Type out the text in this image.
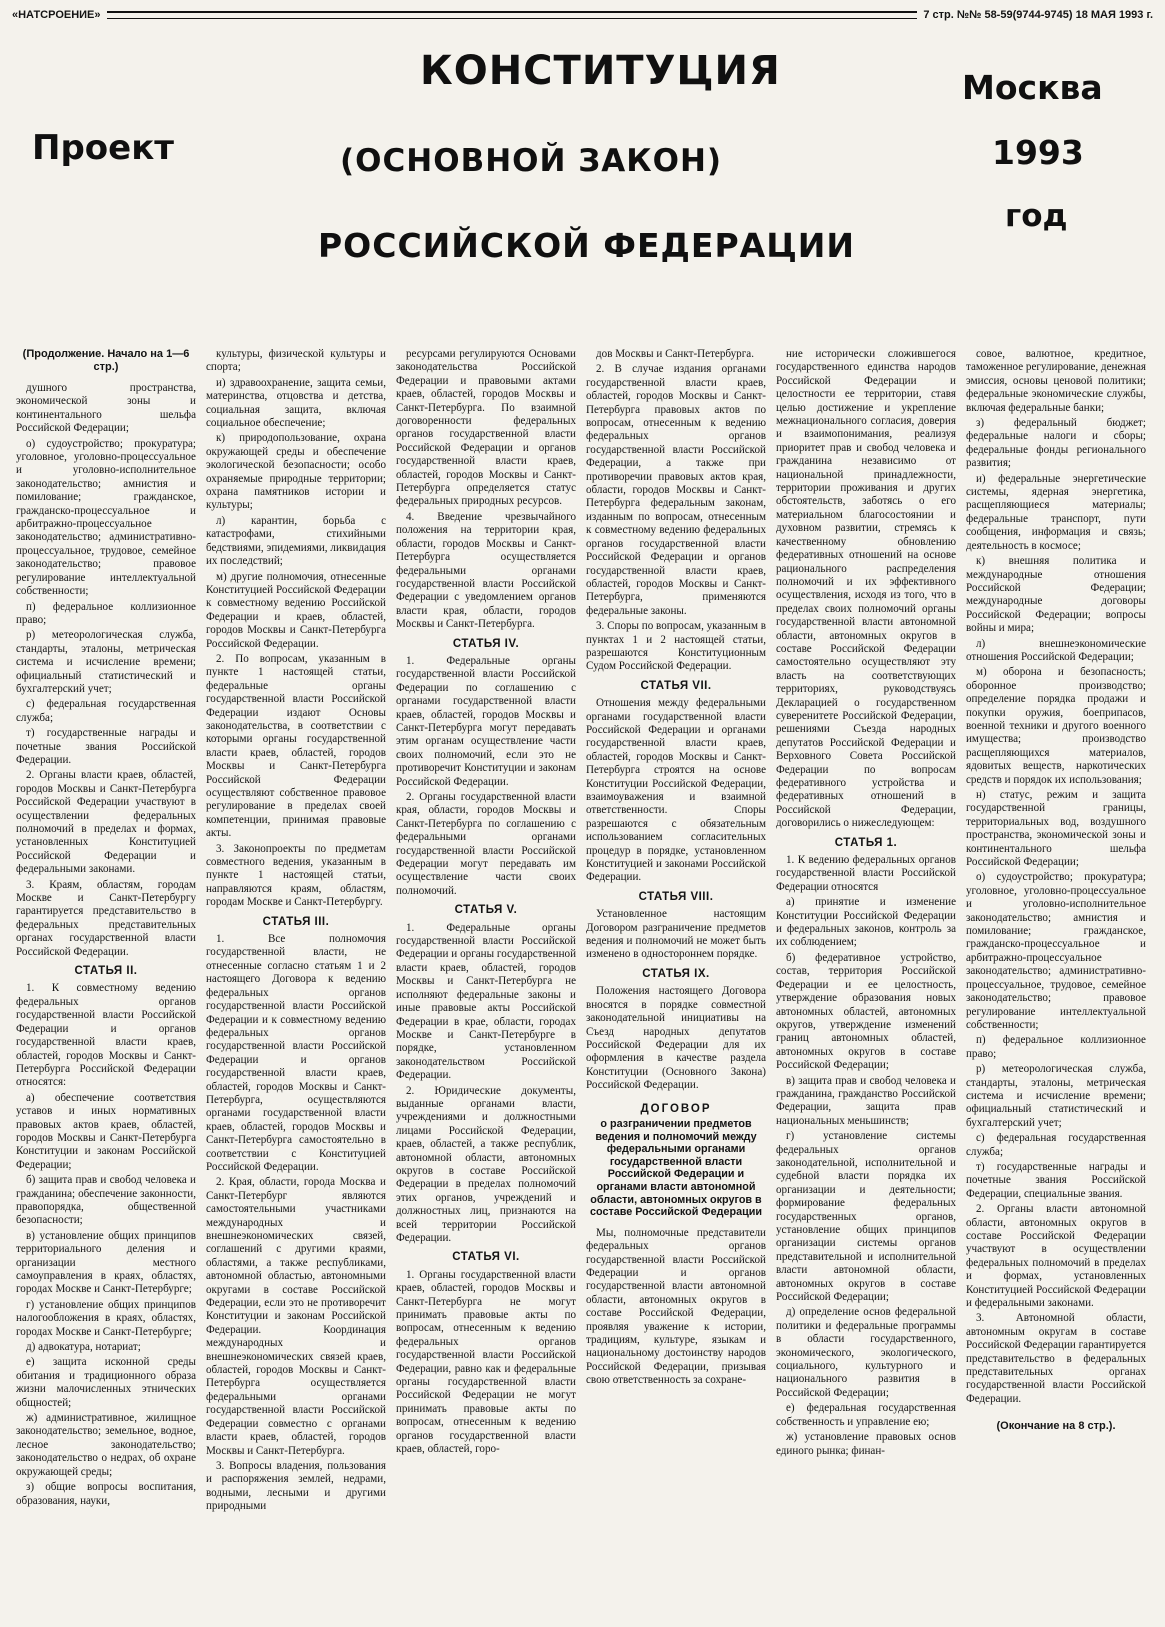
«НАТСРОЕНИЕ»	7 стр. №№ 58-59(9744-9745) 18 МАЯ 1993 г.
КОНСТИТУЦИЯ
(ОСНОВНОЙ ЗАКОН)
РОССИЙСКОЙ ФЕДЕРАЦИИ
Проект
Москва
1993
год
(Продолжение. Начало на 1—6 стр.)

душного пространства, экономической зоны и континентального шельфа Российской Федерации;

о) судоустройство; прокуратура; уголовное, уголовно-процессуальное и уголовно-исполнительное законодательство; амнистия и помилование; гражданское, гражданско-процессуальное и арбитражно-процессуальное законодательство; административно-процессуальное, трудовое, семейное законодательство; правовое регулирование интеллектуальной собственности;

п) федеральное коллизионное право;

р) метеорологическая служба, стандарты, эталоны, метрическая система и исчисление времени; официальный статистический и бухгалтерский учет;

с) федеральная государственная служба;

т) государственные награды и почетные звания Российской Федерации.

2. Органы власти краев, областей, городов Москвы и Санкт-Петербурга Российской Федерации участвуют в осуществлении федеральных полномочий в пределах и формах, установленных Конституцией Российской Федерации и федеральными законами.

3. Краям, областям, городам Москве и Санкт-Петербургу гарантируется представительство в федеральных представительных органах государственной власти Российской Федерации.

СТАТЬЯ II.

1. К совместному ведению федеральных органов государственной власти Российской Федерации и органов государственной власти краев, областей, городов Москвы и Санкт-Петербурга Российской Федерации относятся:

а) обеспечение соответствия уставов и иных нормативных правовых актов краев, областей, городов Москвы и Санкт-Петербурга Конституции и законам Российской Федерации;

б) защита прав и свобод человека и гражданина; обеспечение законности, правопорядка, общественной безопасности;

в) установление общих принципов территориального деления и организации местного самоуправления в краях, областях, городах Москве и Санкт-Петербурге;

г) установление общих принципов налогообложения в краях, областях, городах Москве и Санкт-Петербурге;

д) адвокатура, нотариат;

е) защита исконной среды обитания и традиционного образа жизни малочисленных этнических общностей;

ж) административное, жилищное законодательство; земельное, водное, лесное законодательство; законодательство о недрах, об охране окружающей среды;

з) общие вопросы воспитания, образования, науки,

культуры, физической культуры и спорта;

и) здравоохранение, защита семьи, материнства, отцовства и детства, социальная защита, включая социальное обеспечение;

к) природопользование, охрана окружающей среды и обеспечение экологической безопасности; особо охраняемые природные территории; охрана памятников истории и культуры;

л) карантин, борьба с катастрофами, стихийными бедствиями, эпидемиями, ликвидация их последствий;

м) другие полномочия, отнесенные Конституцией Российской Федерации к совместному ведению Российской Федерации и краев, областей, городов Москвы и Санкт-Петербурга Российской Федерации.

2. По вопросам, указанным в пункте 1 настоящей статьи, федеральные органы государственной власти Российской Федерации издают Основы законодательства, в соответствии с которыми органы государственной власти краев, областей, городов Москвы и Санкт-Петербурга Российской Федерации осуществляют собственное правовое регулирование в пределах своей компетенции, принимая правовые акты.

3. Законопроекты по предметам совместного ведения, указанным в пункте 1 настоящей статьи, направляются краям, областям, городам Москве и Санкт-Петербургу.

СТАТЬЯ III.

1. Все полномочия государственной власти, не отнесенные согласно статьям 1 и 2 настоящего Договора к ведению федеральных органов государственной власти Российской Федерации и к совместному ведению федеральных органов государственной власти Российской Федерации и органов государственной власти краев, областей, городов Москвы и Санкт-Петербурга, осуществляются органами государственной власти краев, областей, городов Москвы и Санкт-Петербурга самостоятельно в соответствии с Конституцией Российской Федерации.

2. Края, области, города Москва и Санкт-Петербург являются самостоятельными участниками международных и внешнеэкономических связей, соглашений с другими краями, областями, а также республиками, автономной областью, автономными округами в составе Российской Федерации, если это не противоречит Конституции и законам Российской Федерации. Координация международных и внешнеэкономических связей краев, областей, городов Москвы и Санкт-Петербурга осуществляется федеральными органами государственной власти Российской Федерации совместно с органами власти краев, областей, городов Москвы и Санкт-Петербурга.

3. Вопросы владения, пользования и распоряжения землей, недрами, водными, лесными и другими природными

ресурсами регулируются Основами законодательства Российской Федерации и правовыми актами краев, областей, городов Москвы и Санкт-Петербурга. По взаимной договоренности федеральных органов государственной власти Российской Федерации и органов государственной власти краев, областей, городов Москвы и Санкт-Петербурга определяется статус федеральных природных ресурсов.

4. Введение чрезвычайного положения на территории края, области, городов Москвы и Санкт-Петербурга осуществляется федеральными органами государственной власти Российской Федерации с уведомлением органов власти края, области, городов Москвы и Санкт-Петербурга.

СТАТЬЯ IV.

1. Федеральные органы государственной власти Российской Федерации по соглашению с органами государственной власти краев, областей, городов Москвы и Санкт-Петербурга могут передавать этим органам осуществление части своих полномочий, если это не противоречит Конституции и законам Российской Федерации.

2. Органы государственной власти края, области, городов Москвы и Санкт-Петербурга по соглашению с федеральными органами государственной власти Российской Федерации могут передавать им осуществление части своих полномочий.

СТАТЬЯ V.

1. Федеральные органы государственной власти Российской Федерации и органы государственной власти краев, областей, городов Москвы и Санкт-Петербурга не исполняют федеральные законы и иные правовые акты Российской Федерации в крае, области, городах Москве и Санкт-Петербурге в порядке, установленном законодательством Российской Федерации.

2. Юридические документы, выданные органами власти, учреждениями и должностными лицами Российской Федерации, краев, областей, а также республик, автономной области, автономных округов в составе Российской Федерации в пределах полномочий этих органов, учреждений и должностных лиц, признаются на всей территории Российской Федерации.

СТАТЬЯ VI.

1. Органы государственной власти краев, областей, городов Москвы и Санкт-Петербурга не могут принимать правовые акты по вопросам, отнесенным к ведению федеральных органов государственной власти Российской Федерации, равно как и федеральные органы государственной власти Российской Федерации не могут принимать правовые акты по вопросам, отнесенным к ведению органов государственной власти краев, областей, горо-

дов Москвы и Санкт-Петербурга.

2. В случае издания органами государственной власти краев, областей, городов Москвы и Санкт-Петербурга правовых актов по вопросам, отнесенным к ведению федеральных органов государственной власти Российской Федерации, а также при противоречии правовых актов края, области, городов Москвы и Санкт-Петербурга федеральным законам, изданным по вопросам, отнесенным к совместному ведению федеральных органов государственной власти Российской Федерации и органов государственной власти краев, областей, городов Москвы и Санкт-Петербурга, применяются федеральные законы.

3. Споры по вопросам, указанным в пунктах 1 и 2 настоящей статьи, разрешаются Конституционным Судом Российской Федерации.

СТАТЬЯ VII.

Отношения между федеральными органами государственной власти Российской Федерации и органами государственной власти краев, областей, городов Москвы и Санкт-Петербурга строятся на основе Конституции Российской Федерации, взаимоуважения и взаимной ответственности. Споры разрешаются с обязательным использованием согласительных процедур в порядке, установленном Конституцией и законами Российской Федерации.

СТАТЬЯ VIII.

Установленное настоящим Договором разграничение предметов ведения и полномочий не может быть изменено в одностороннем порядке.

СТАТЬЯ IX.

Положения настоящего Договора вносятся в порядке совместной законодательной инициативы на Съезд народных депутатов Российской Федерации для их оформления в качестве раздела Конституции (Основного Закона) Российской Федерации.

ДОГОВОР

о разграничении предметов ведения и полномочий между федеральными органами государственной власти Российской Федерации и органами власти автономной области, автономных округов в составе Российской Федерации

Мы, полномочные представители федеральных органов государственной власти Российской Федерации и органов государственной власти автономной области, автономных округов в составе Российской Федерации, проявляя уважение к истории, традициям, культуре, языкам и национальному достоинству народов Российской Федерации, призывая свою ответственность за сохране-

ние исторически сложившегося государственного единства народов Российской Федерации и целостности ее территории, ставя целью достижение и укрепление межнационального согласия, доверия и взаимопонимания, реализуя приоритет прав и свобод человека и гражданина независимо от национальной принадлежности, территории проживания и других обстоятельств, заботясь о его материальном благосостоянии и духовном развитии, стремясь к качественному обновлению федеративных отношений на основе рационального распределения полномочий и их эффективного осуществления, исходя из того, что в пределах своих полномочий органы государственной власти автономной области, автономных округов в составе Российской Федерации самостоятельно осуществляют эту власть на соответствующих территориях, руководствуясь Декларацией о государственном суверенитете Российской Федерации, решениями Съезда народных депутатов Российской Федерации и Верховного Совета Российской Федерации по вопросам федеративного устройства и федеративных отношений в Российской Федерации, договорились о нижеследующем:

СТАТЬЯ 1.

1. К ведению федеральных органов государственной власти Российской Федерации относятся

а) принятие и изменение Конституции Российской Федерации и федеральных законов, контроль за их соблюдением;

б) федеративное устройство, состав, территория Российской Федерации и ее целостность, утверждение образования новых автономных областей, автономных округов, утверждение изменений границ автономных областей, автономных округов в составе Российской Федерации;

в) защита прав и свобод человека и гражданина, гражданство Российской Федерации, защита прав национальных меньшинств;

г) установление системы федеральных органов законодательной, исполнительной и судебной власти порядка их организации и деятельности; формирование федеральных государственных органов, установление общих принципов организации системы органов представительной и исполнительной власти автономной области, автономных округов в составе Российской Федерации;

д) определение основ федеральной политики и федеральные программы в области государственного, экономического, экологического, социального, культурного и национального развития в Российской Федерации;

е) федеральная государственная собственность и управление ею;

ж) установление правовых основ единого рынка; финан-

совое, валютное, кредитное, таможенное регулирование, денежная эмиссия, основы ценовой политики; федеральные экономические службы, включая федеральные банки;

з) федеральный бюджет; федеральные налоги и сборы; федеральные фонды регионального развития;

и) федеральные энергетические системы, ядерная энергетика, расщепляющиеся материалы; федеральные транспорт, пути сообщения, информация и связь; деятельность в космосе;

к) внешняя политика и международные отношения Российской Федерации; международные договоры Российской Федерации; вопросы войны и мира;

л) внешнеэкономические отношения Российской Федерации;

м) оборона и безопасность; оборонное производство; определение порядка продажи и покупки оружия, боеприпасов, военной техники и другого военного имущества; производство расщепляющихся материалов, ядовитых веществ, наркотических средств и порядок их использования;

н) статус, режим и защита государственной границы, территориальных вод, воздушного пространства, экономической зоны и континентального шельфа Российской Федерации;

о) судоустройство; прокуратура; уголовное, уголовно-процессуальное и уголовно-исполнительное законодательство; амнистия и помилование; гражданское, гражданско-процессуальное и арбитражно-процессуальное законодательство; административно-процессуальное, трудовое, семейное законодательство; правовое регулирование интеллектуальной собственности;

п) федеральное коллизионное право;

р) метеорологическая служба, стандарты, эталоны, метрическая система и исчисление времени; официальный статистический и бухгалтерский учет;

с) федеральная государственная служба;

т) государственные награды и почетные звания Российской Федерации, специальные звания.

2. Органы власти автономной области, автономных округов в составе Российской Федерации участвуют в осуществлении федеральных полномочий в пределах и формах, установленных Конституцией Российской Федерации и федеральными законами.

3. Автономной области, автономным округам в составе Российской Федерации гарантируется представительство в федеральных представительных органах государственной власти Российской Федерации.

(Окончание на 8 стр.).
